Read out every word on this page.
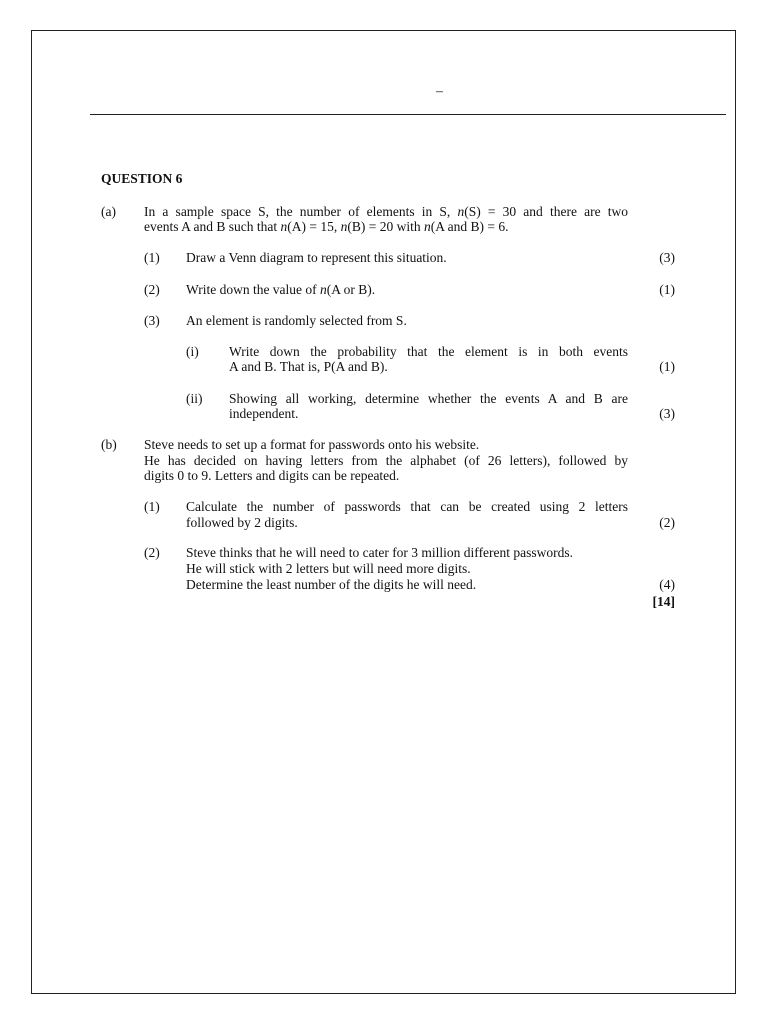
–
QUESTION 6
(a) In a sample space S, the number of elements in S, n(S) = 30 and there are two
events A and B such that n(A) = 15, n(B) = 20 with n(A and B) = 6.
(1) Draw a Venn diagram to represent this situation.	(3)
(2) Write down the value of n(A or B).	(1)
(3) An element is randomly selected from S.
(i) Write down the probability that the element is in both events
A and B. That is, P(A and B).	(1)
(ii) Showing all working, determine whether the events A and B are
independent.	(3)
(b) Steve needs to set up a format for passwords onto his website.
He has decided on having letters from the alphabet (of 26 letters), followed by
digits 0 to 9. Letters and digits can be repeated.
(1) Calculate the number of passwords that can be created using 2 letters
followed by 2 digits.	(2)
(2) Steve thinks that he will need to cater for 3 million different passwords.
He will stick with 2 letters but will need more digits.
Determine the least number of the digits he will need.	(4)
[14]
